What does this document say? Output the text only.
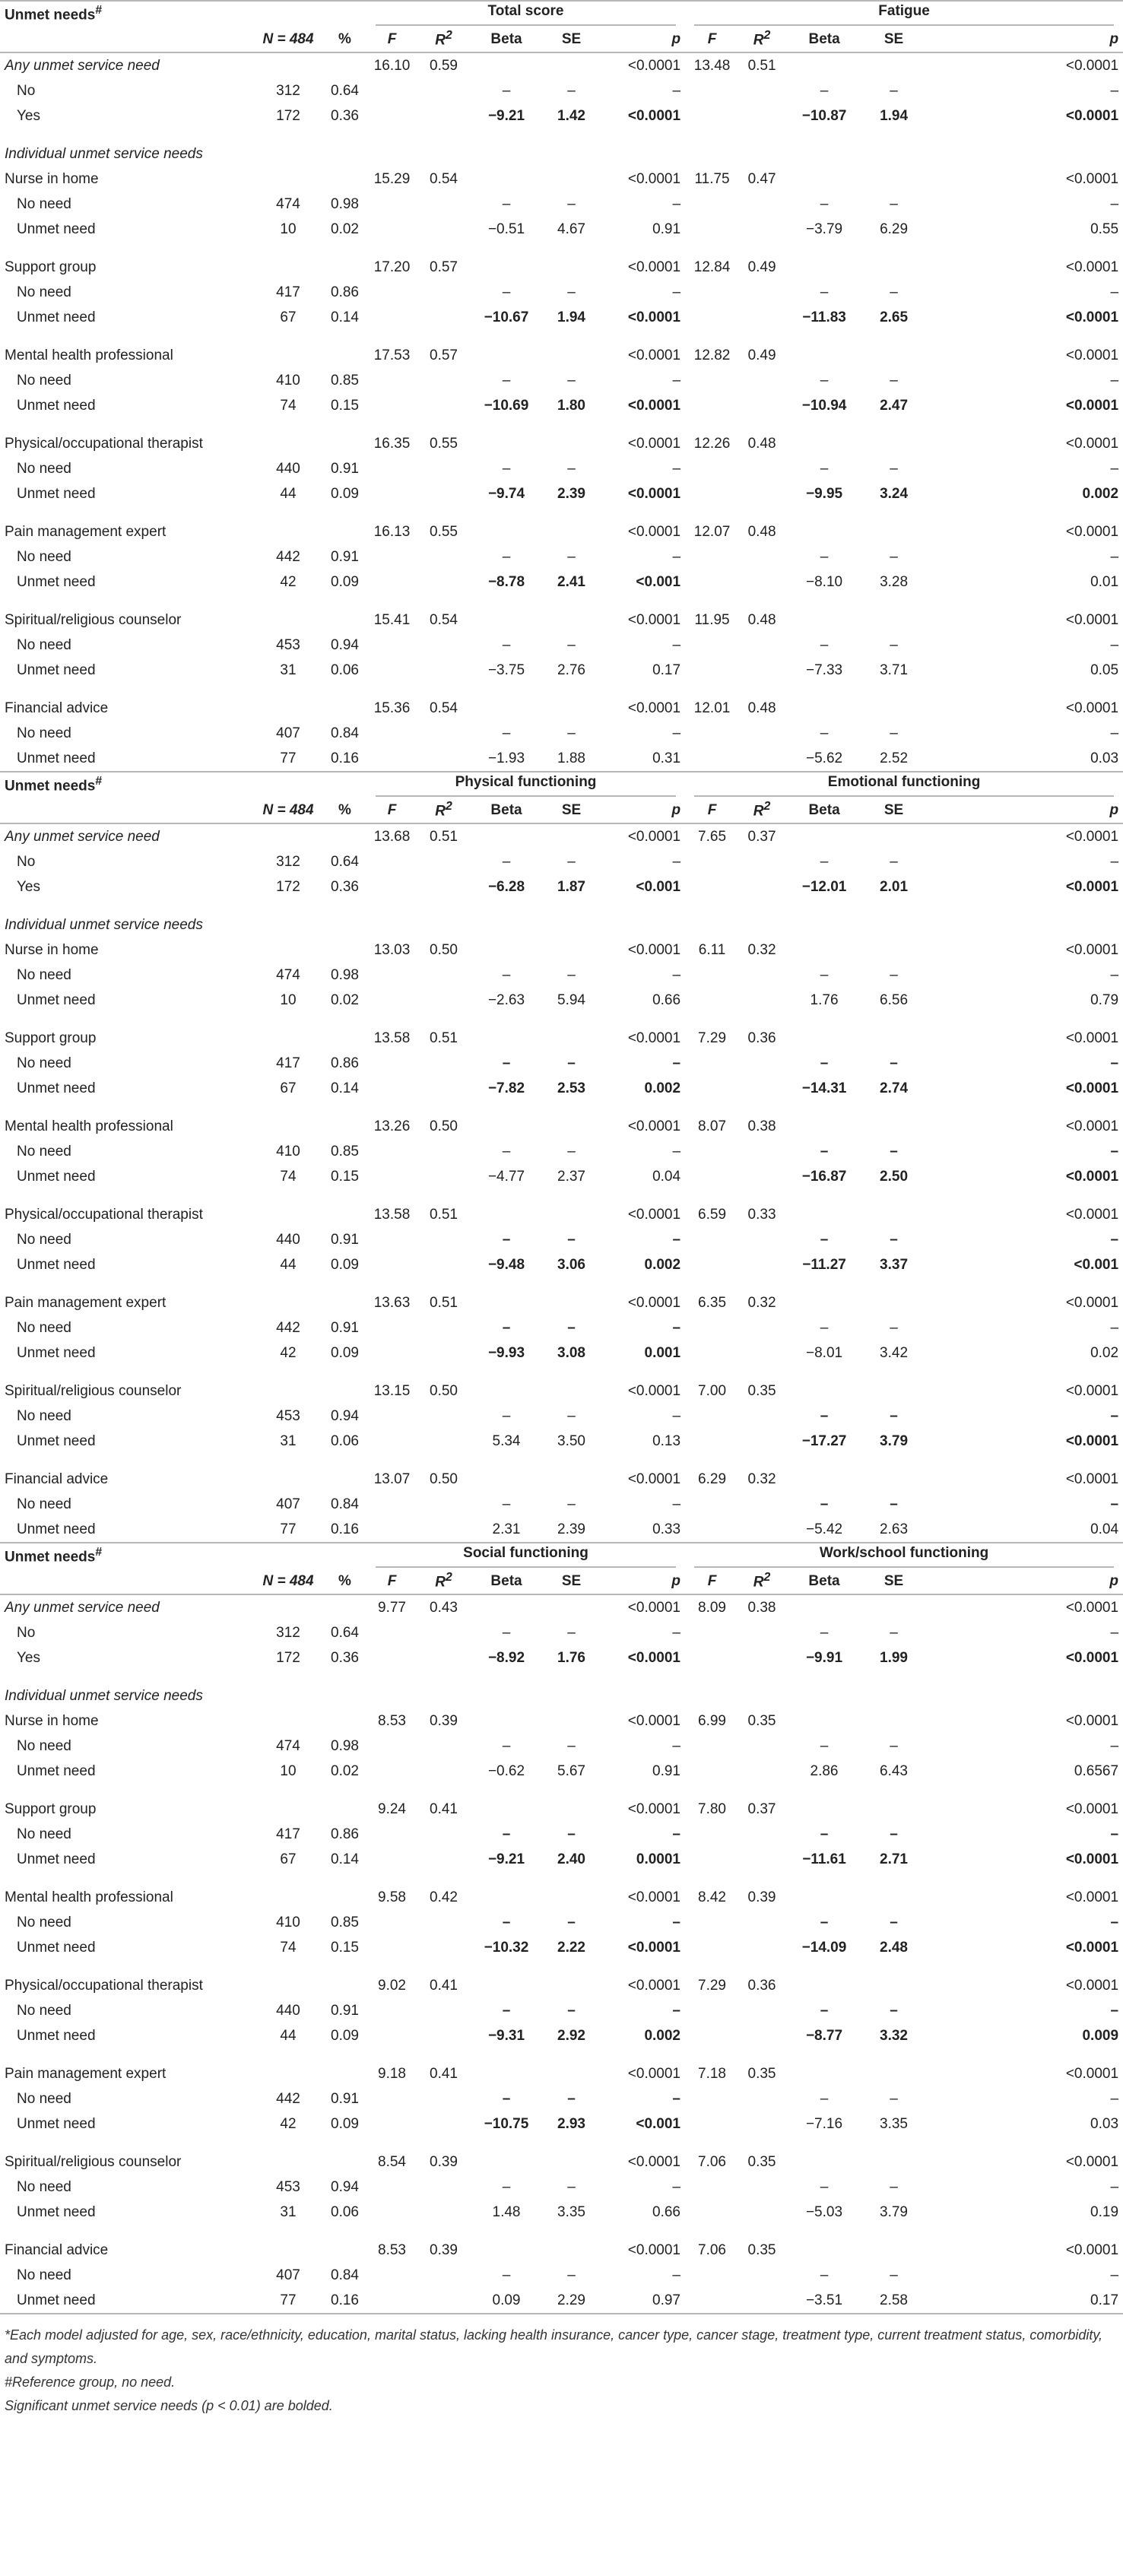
Unmet needs#			Total score					Fatigue				

	N = 484	%	F	$R^2$	Beta	SE	p	F	$R^2$	Beta	SE	p
Any unmet service need			16.10	0.59			<0.0001	13.48	0.51			<0.0001
No	312	0.64			–	–	–			–	–	–
Yes	172	0.36			−9.21	1.42	<0.0001			−10.87	1.94	<0.0001

Individual unmet service needs												
Nurse in home			15.29	0.54			<0.0001	11.75	0.47			<0.0001
No need	474	0.98			–	–	–			–	–	–
Unmet need	10	0.02			−0.51	4.67	0.91			−3.79	6.29	0.55

Support group			17.20	0.57			<0.0001	12.84	0.49			<0.0001
No need	417	0.86			–	–	–			–	–	–
Unmet need	67	0.14			−10.67	1.94	<0.0001			−11.83	2.65	<0.0001

Mental health professional			17.53	0.57			<0.0001	12.82	0.49			<0.0001
No need	410	0.85			–	–	–			–	–	–
Unmet need	74	0.15			−10.69	1.80	<0.0001			−10.94	2.47	<0.0001

Physical/occupational therapist			16.35	0.55			<0.0001	12.26	0.48			<0.0001
No need	440	0.91			–	–	–			–	–	–
Unmet need	44	0.09			−9.74	2.39	<0.0001			−9.95	3.24	0.002

Pain management expert			16.13	0.55			<0.0001	12.07	0.48			<0.0001
No need	442	0.91			–	–	–			–	–	–
Unmet need	42	0.09			−8.78	2.41	<0.001			−8.10	3.28	0.01

Spiritual/religious counselor			15.41	0.54			<0.0001	11.95	0.48			<0.0001
No need	453	0.94			–	–	–			–	–	–
Unmet need	31	0.06			−3.75	2.76	0.17			−7.33	3.71	0.05

Financial advice			15.36	0.54			<0.0001	12.01	0.48			<0.0001
No need	407	0.84			–	–	–			–	–	–
Unmet need	77	0.16			−1.93	1.88	0.31			−5.62	2.52	0.03
Unmet needs#			Physical functioning					Emotional functioning				

	N = 484	%	F	$R^2$	Beta	SE	p	F	$R^2$	Beta	SE	p
Any unmet service need			13.68	0.51			<0.0001	7.65	0.37			<0.0001
No	312	0.64			–	–	–			–	–	–
Yes	172	0.36			−6.28	1.87	<0.001			−12.01	2.01	<0.0001

Individual unmet service needs												
Nurse in home			13.03	0.50			<0.0001	6.11	0.32			<0.0001
No need	474	0.98			–	–	–			–	–	–
Unmet need	10	0.02			−2.63	5.94	0.66			1.76	6.56	0.79

Support group			13.58	0.51			<0.0001	7.29	0.36			<0.0001
No need	417	0.86			–	–	–			–	–	–
Unmet need	67	0.14			−7.82	2.53	0.002			−14.31	2.74	<0.0001

Mental health professional			13.26	0.50			<0.0001	8.07	0.38			<0.0001
No need	410	0.85			–	–	–			–	–	–
Unmet need	74	0.15			−4.77	2.37	0.04			−16.87	2.50	<0.0001

Physical/occupational therapist			13.58	0.51			<0.0001	6.59	0.33			<0.0001
No need	440	0.91			–	–	–			–	–	–
Unmet need	44	0.09			−9.48	3.06	0.002			−11.27	3.37	<0.001

Pain management expert			13.63	0.51			<0.0001	6.35	0.32			<0.0001
No need	442	0.91			–	–	–			–	–	–
Unmet need	42	0.09			−9.93	3.08	0.001			−8.01	3.42	0.02

Spiritual/religious counselor			13.15	0.50			<0.0001	7.00	0.35			<0.0001
No need	453	0.94			–	–	–			–	–	–
Unmet need	31	0.06			5.34	3.50	0.13			−17.27	3.79	<0.0001

Financial advice			13.07	0.50			<0.0001	6.29	0.32			<0.0001
No need	407	0.84			–	–	–			–	–	–
Unmet need	77	0.16			2.31	2.39	0.33			−5.42	2.63	0.04
Unmet needs#			Social functioning					Work/school functioning				

	N = 484	%	F	$R^2$	Beta	SE	p	F	$R^2$	Beta	SE	p
Any unmet service need			9.77	0.43			<0.0001	8.09	0.38			<0.0001
No	312	0.64			–	–	–			–	–	–
Yes	172	0.36			−8.92	1.76	<0.0001			−9.91	1.99	<0.0001

Individual unmet service needs												
Nurse in home			8.53	0.39			<0.0001	6.99	0.35			<0.0001
No need	474	0.98			–	–	–			–	–	–
Unmet need	10	0.02			−0.62	5.67	0.91			2.86	6.43	0.6567

Support group			9.24	0.41			<0.0001	7.80	0.37			<0.0001
No need	417	0.86			–	–	–			–	–	–
Unmet need	67	0.14			−9.21	2.40	0.0001			−11.61	2.71	<0.0001

Mental health professional			9.58	0.42			<0.0001	8.42	0.39			<0.0001
No need	410	0.85			–	–	–			–	–	–
Unmet need	74	0.15			−10.32	2.22	<0.0001			−14.09	2.48	<0.0001

Physical/occupational therapist			9.02	0.41			<0.0001	7.29	0.36			<0.0001
No need	440	0.91			–	–	–			–	–	–
Unmet need	44	0.09			−9.31	2.92	0.002			−8.77	3.32	0.009

Pain management expert			9.18	0.41			<0.0001	7.18	0.35			<0.0001
No need	442	0.91			–	–	–			–	–	–
Unmet need	42	0.09			−10.75	2.93	<0.001			−7.16	3.35	0.03

Spiritual/religious counselor			8.54	0.39			<0.0001	7.06	0.35			<0.0001
No need	453	0.94			–	–	–			–	–	–
Unmet need	31	0.06			1.48	3.35	0.66			−5.03	3.79	0.19

Financial advice			8.53	0.39			<0.0001	7.06	0.35			<0.0001
No need	407	0.84			–	–	–			–	–	–
Unmet need	77	0.16			0.09	2.29	0.97			−3.51	2.58	0.17
*Each model adjusted for age, sex, race/ethnicity, education, marital status, lacking health insurance, cancer type, cancer stage, treatment type, current treatment status, comorbidity, and symptoms.
#Reference group, no need.
Significant unmet service needs (p < 0.01) are bolded.
